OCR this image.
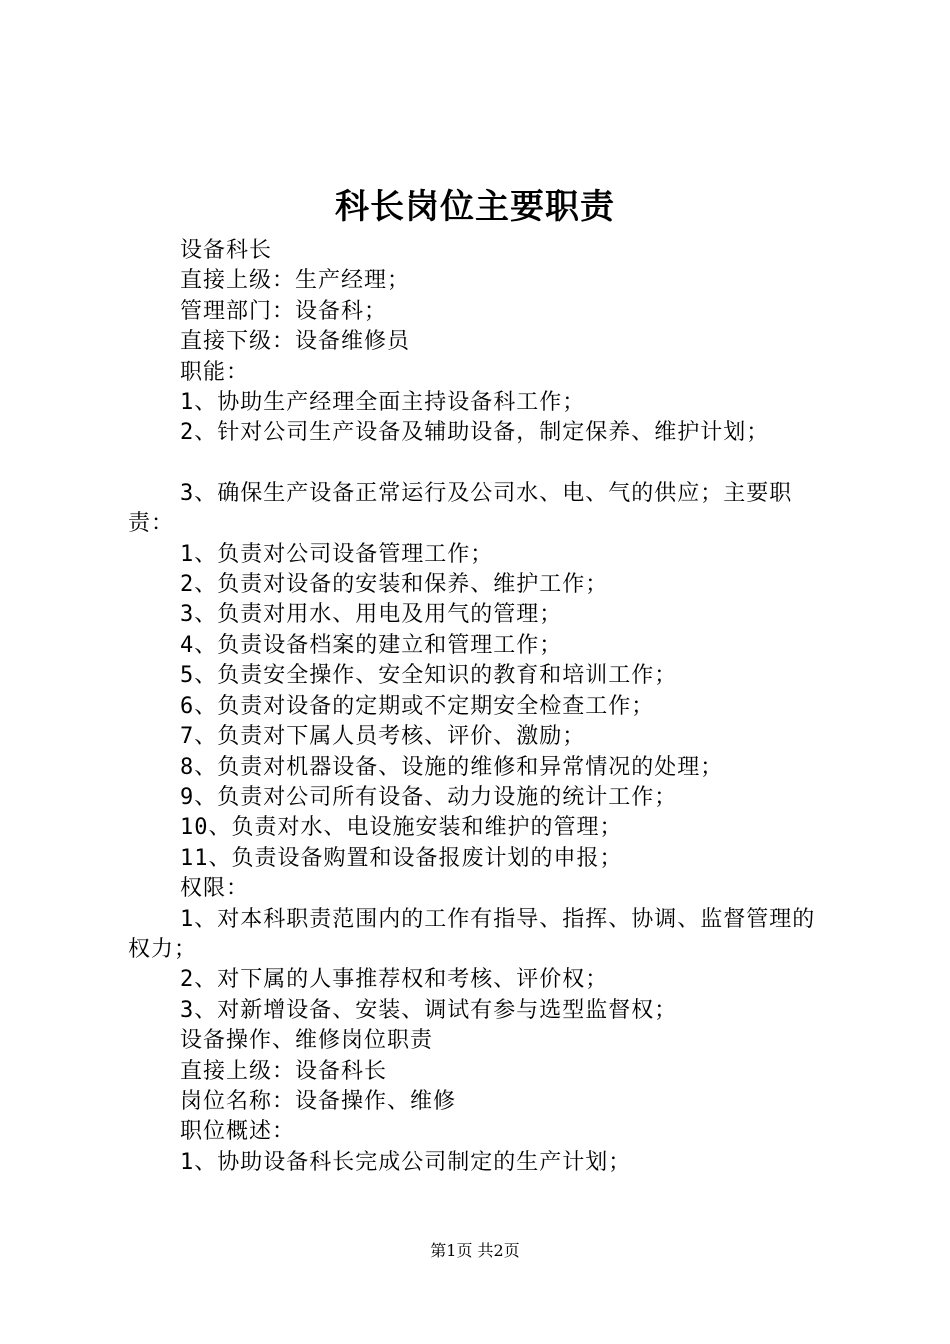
科长岗位主要职责

设备科长

直接上级：生产经理；

管理部门：设备科；

直接下级：设备维修员

职能：

1、协助生产经理全面主持设备科工作；

2、针对公司生产设备及辅助设备，制定保养、维护计划；

3、确保生产设备正常运行及公司水、电、气的供应；主要职责：

1、负责对公司设备管理工作；

2、负责对设备的安装和保养、维护工作；

3、负责对用水、用电及用气的管理；

4、负责设备档案的建立和管理工作；

5、负责安全操作、安全知识的教育和培训工作；

6、负责对设备的定期或不定期安全检查工作；

7、负责对下属人员考核、评价、激励；

8、负责对机器设备、设施的维修和异常情况的处理；

9、负责对公司所有设备、动力设施的统计工作；

10、负责对水、电设施安装和维护的管理；

11、负责设备购置和设备报废计划的申报；

权限：

1、对本科职责范围内的工作有指导、指挥、协调、监督管理的权力；

2、对下属的人事推荐权和考核、评价权；

3、对新增设备、安装、调试有参与选型监督权；

设备操作、维修岗位职责

直接上级：设备科长

岗位名称：设备操作、维修

职位概述：

1、协助设备科长完成公司制定的生产计划；

第1页 共2页
